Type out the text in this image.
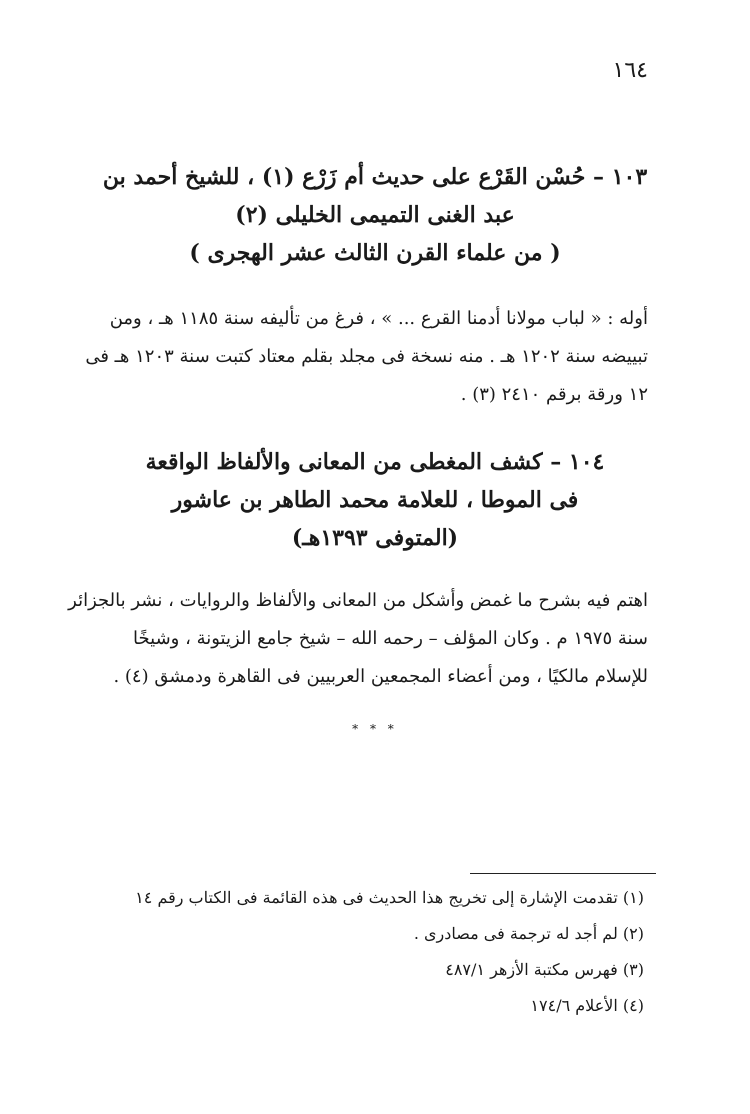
١٦٤
١٠٣ – حُسْن القَرْع على حديث أم زَرْع (١) ، للشيخ أحمد بن
عبد الغنى التميمى الخليلى (٢)
( من علماء القرن الثالث عشر الهجرى )
أوله : « لباب مولانا أدمنا القرع ... » ، فرغ من تأليفه سنة ١١٨٥ هـ ، ومن
تبييضه سنة ١٢٠٢ هـ . منه نسخة فى مجلد بقلم معتاد كتبت سنة ١٢٠٣ هـ فى
١٢ ورقة برقم ٢٤١٠ (٣) .
١٠٤ – كشف المغطى من المعانى والألفاظ الواقعة
فى الموطا ، للعلامة محمد الطاهر بن عاشور
(المتوفى ١٣٩٣هـ)
اهتم فيه بشرح ما غمض وأشكل من المعانى والألفاظ والروايات ، نشر بالجزائر
سنة ١٩٧٥ م . وكان المؤلف – رحمه الله – شيخ جامع الزيتونة ، وشيخًا
للإسلام مالكيًا ، ومن أعضاء المجمعين العربيين فى القاهرة ودمشق (٤) .
* * *
(١) تقدمت الإشارة إلى تخريج هذا الحديث فى هذه القائمة فى الكتاب رقم ١٤
(٢) لم أجد له ترجمة فى مصادرى .
(٣) فهرس مكتبة الأزهر ٤٨٧/١
(٤) الأعلام ١٧٤/٦
